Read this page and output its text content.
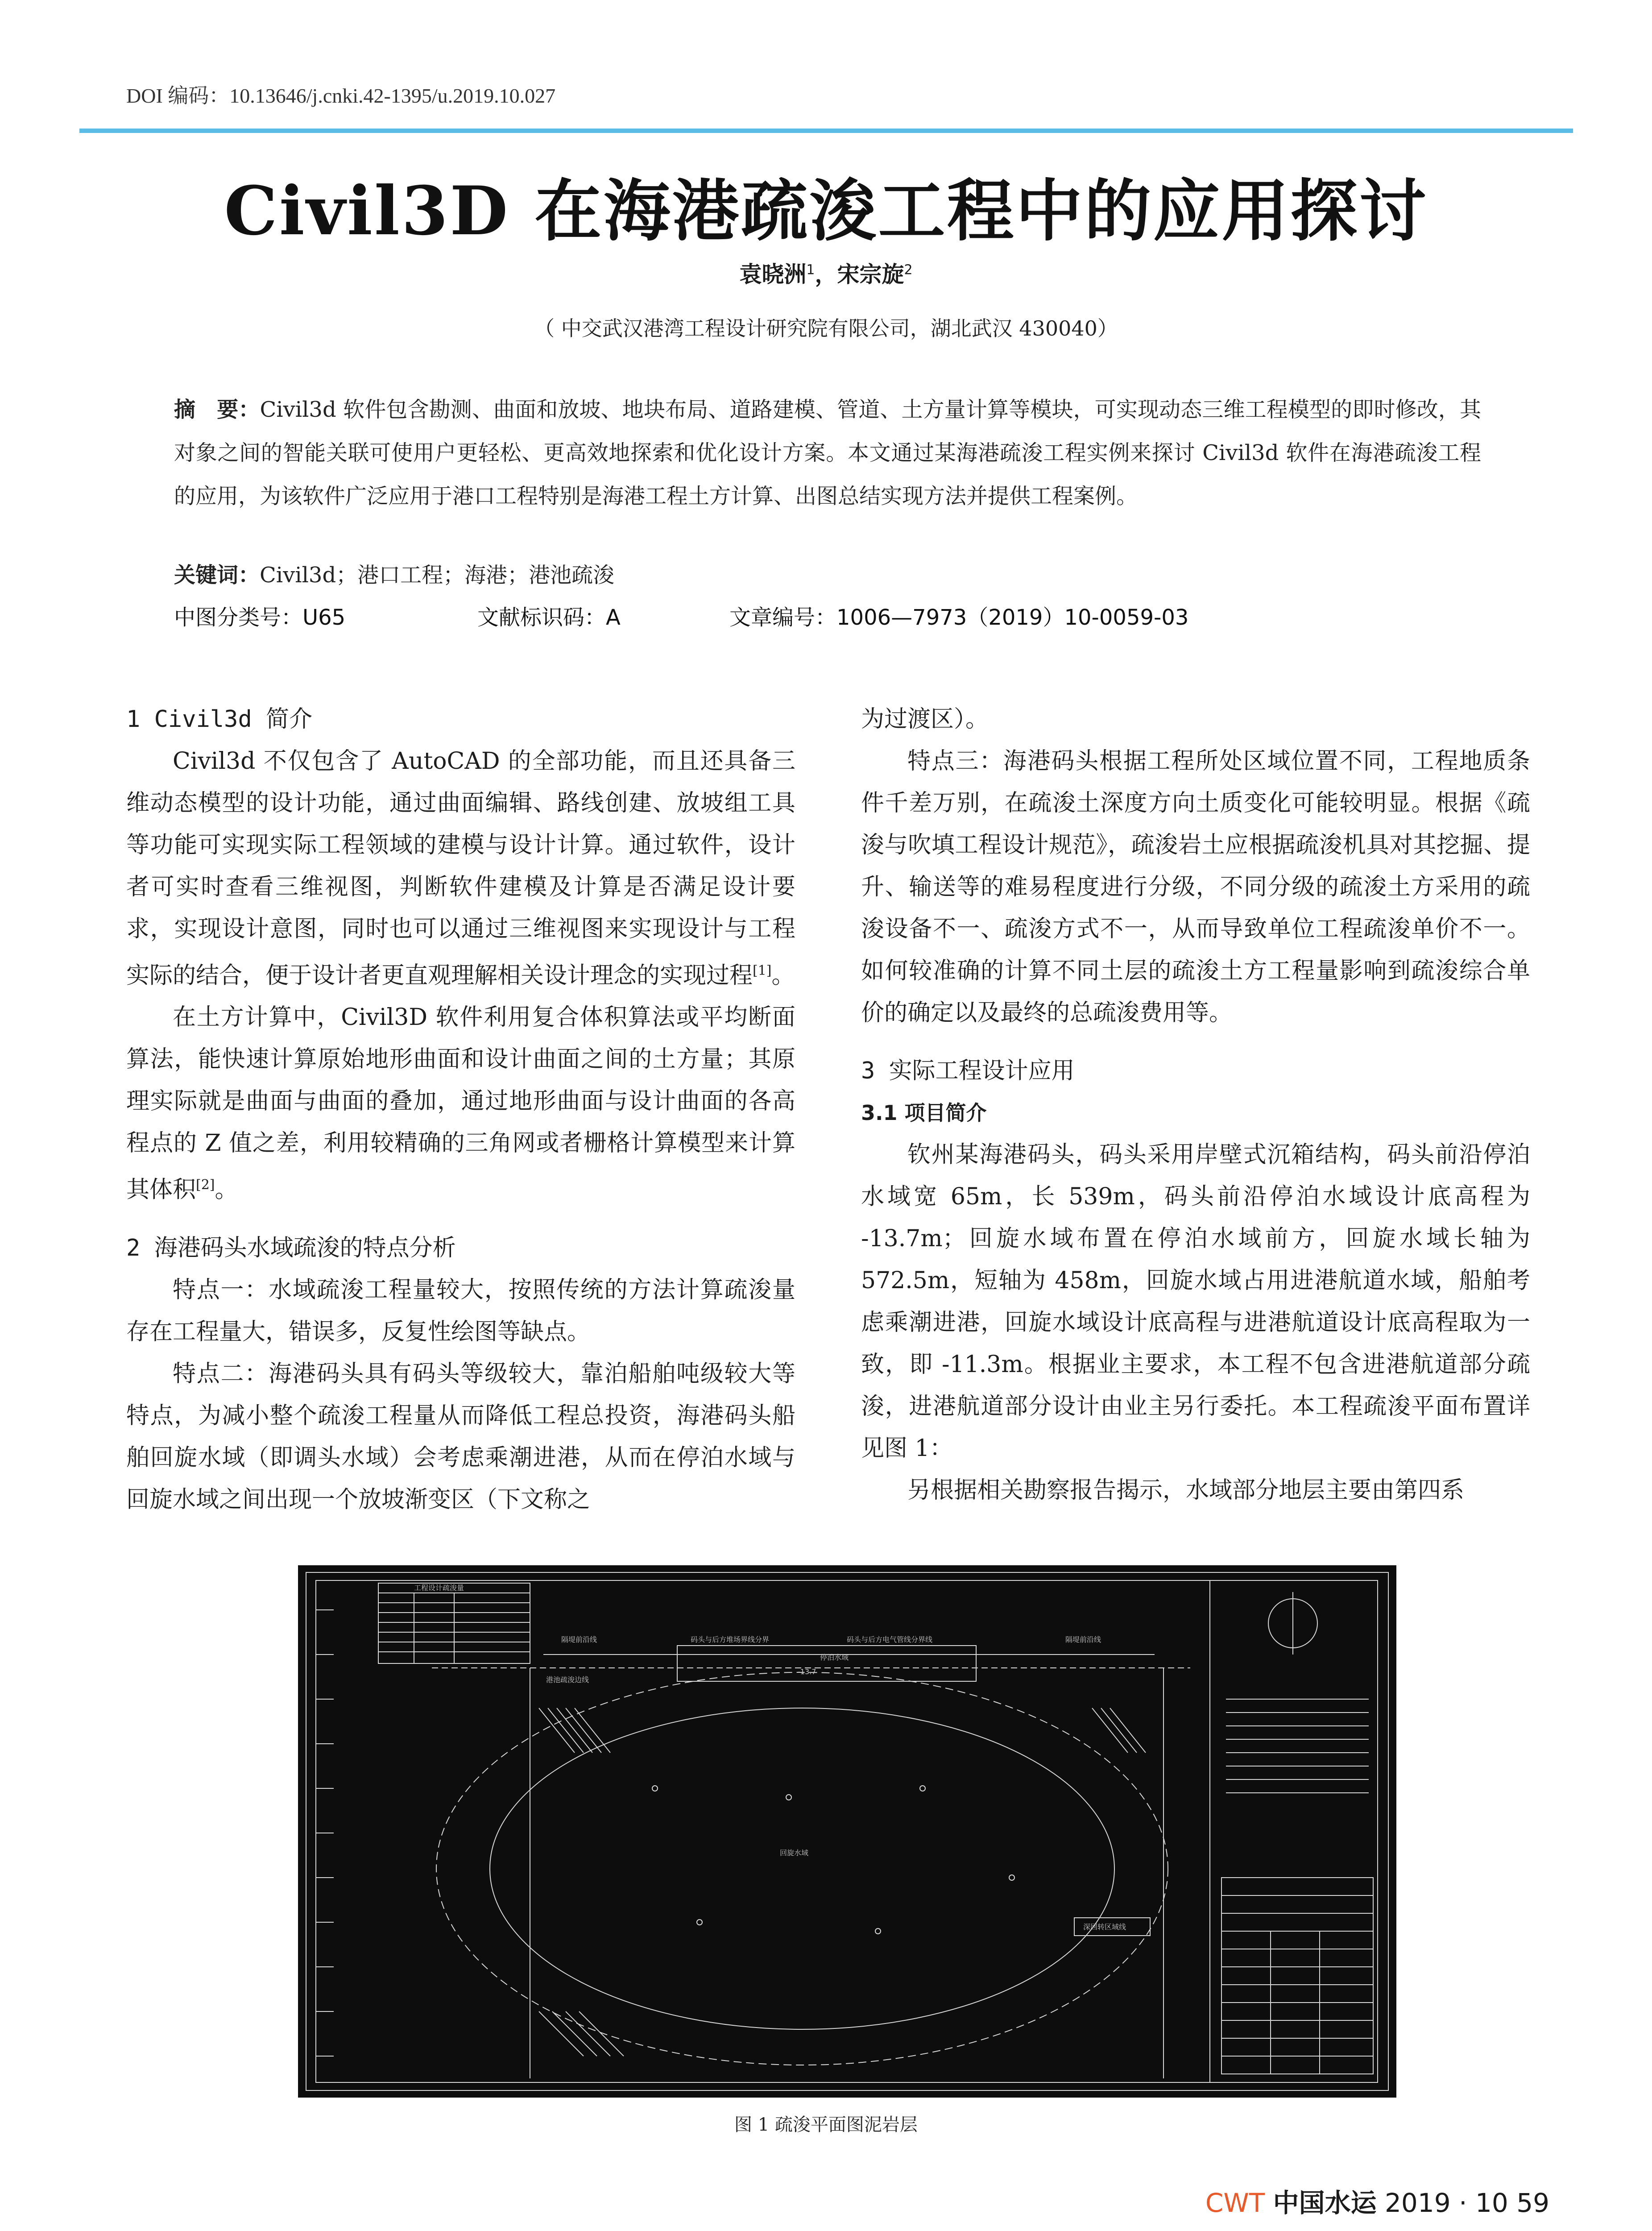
DOI 编码：10.13646/j.cnki.42-1395/u.2019.10.027
Civil3D 在海港疏浚工程中的应用探讨
袁晓洲$^1$，宋宗旋$^2$
（ 中交武汉港湾工程设计研究院有限公司，湖北武汉 430040）
摘　要：Civil3d 软件包含勘测、曲面和放坡、地块布局、道路建模、管道、土方量计算等模块，可实现动态三维工程模型的即时修改，其对象之间的智能关联可使用户更轻松、更高效地探索和优化设计方案。本文通过某海港疏浚工程实例来探讨 Civil3d 软件在海港疏浚工程的应用，为该软件广泛应用于港口工程特别是海港工程土方计算、出图总结实现方法并提供工程案例。
关键词：Civil3d；港口工程；海港；港池疏浚
中图分类号：U65	文献标识码：A	文章编号：1006—7973（2019）10-0059-03
1 Civil3d 简介

Civil3d 不仅包含了 AutoCAD 的全部功能，而且还具备三维动态模型的设计功能，通过曲面编辑、路线创建、放坡组工具等功能可实现实际工程领域的建模与设计计算。通过软件，设计者可实时查看三维视图，判断软件建模及计算是否满足设计要求，实现设计意图，同时也可以通过三维视图来实现设计与工程实际的结合，便于设计者更直观理解相关设计理念的实现过程[1]。

在土方计算中，Civil3D 软件利用复合体积算法或平均断面算法，能快速计算原始地形曲面和设计曲面之间的土方量；其原理实际就是曲面与曲面的叠加，通过地形曲面与设计曲面的各高程点的 Z 值之差，利用较精确的三角网或者栅格计算模型来计算其体积[2]。

2 海港码头水域疏浚的特点分析

特点一：水域疏浚工程量较大，按照传统的方法计算疏浚量存在工程量大，错误多，反复性绘图等缺点。

特点二：海港码头具有码头等级较大，靠泊船舶吨级较大等特点，为减小整个疏浚工程量从而降低工程总投资，海港码头船舶回旋水域（即调头水域）会考虑乘潮进港，从而在停泊水域与回旋水域之间出现一个放坡渐变区（下文称之

为过渡区）。

特点三：海港码头根据工程所处区域位置不同，工程地质条件千差万别，在疏浚土深度方向土质变化可能较明显。根据《疏浚与吹填工程设计规范》，疏浚岩土应根据疏浚机具对其挖掘、提升、输送等的难易程度进行分级，不同分级的疏浚土方采用的疏浚设备不一、疏浚方式不一，从而导致单位工程疏浚单价不一。如何较准确的计算不同土层的疏浚土方工程量影响到疏浚综合单价的确定以及最终的总疏浚费用等。

3 实际工程设计应用
3.1 项目简介

钦州某海港码头，码头采用岸壁式沉箱结构，码头前沿停泊水域宽 65m，长 539m，码头前沿停泊水域设计底高程为 -13.7m；回旋水域布置在停泊水域前方，回旋水域长轴为 572.5m，短轴为 458m，回旋水域占用进港航道水域，船舶考虑乘潮进港，回旋水域设计底高程与进港航道设计底高程取为一致，即 -11.3m。根据业主要求，本工程不包含进港航道部分疏浚，进港航道部分设计由业主另行委托。本工程疏浚平面布置详见图 1：

另根据相关勘察报告揭示，水域部分地层主要由第四系

工程设计疏浚量
隔堤前沿线	码头与后方堆场界线分界	码头与后方电气管线分界线	隔堤前沿线
港池疏浚边线
-13.7
停泊水域
回旋水域
深回转区域线
图 1 疏浚平面图泥岩层
CWT 中国水运 2019 · 10 59
